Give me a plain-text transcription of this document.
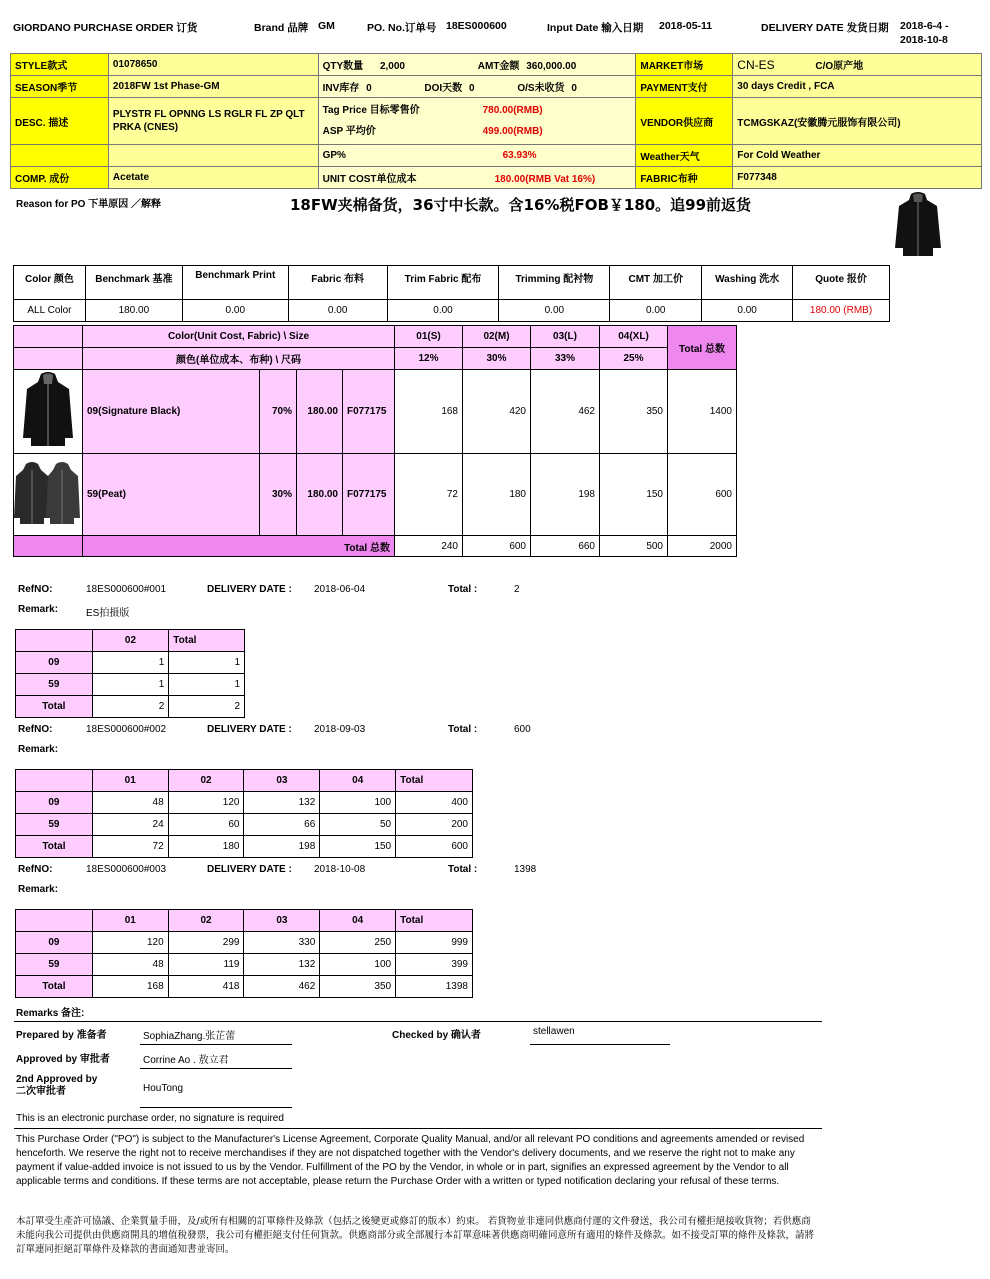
GIORDANO PURCHASE ORDER 订货	Brand 品牌 GM	PO. No.订单号 18ES000600	Input Date 输入日期 2018-05-11	DELIVERY DATE 发货日期 2018-6-4 -
2018-10-8
STYLE款式	01078650	QTY数量 2,000 AMT金额 360,000.00	MARKET市场	CN-ES C/O原产地
SEASON季节	2018FW 1st Phase-GM	INV库存 0 DOI天数 0 O/S未收货 0	PAYMENT支付	30 days Credit , FCA
DESC. 描述	PLYSTR FL OPNNG LS RGLR FL ZP QLT PRKA (CNES)	Tag Price 目标零售价 780.00(RMB)
ASP 平均价 499.00(RMB)	VENDOR供应商	TCMGSKAZ(安徽腾元服饰有限公司)
		GP% 63.93%	Weather天气	For Cold Weather
COMP. 成份	Acetate	UNIT COST单位成本 180.00(RMB Vat 16%)	FABRIC布种	F077348
Reason for PO 下単原因 ／解释	18FW夹棉备货，36寸中长款。含16%税FOB￥180。追99前返货
Color 颜色	Benchmark 基准	Benchmark Print	Fabric 布料	Trim Fabric 配布	Trimming 配衬物	CMT 加工价	Washing 洗水	Quote 报价
ALL Color	180.00	0.00	0.00	0.00	0.00	0.00	0.00	180.00 (RMB)
	Color(Unit Cost, Fabric) \ Size				01(S)	02(M)	03(L)	04(XL)	Total 总数
	颜色(单位成本、布种) \ 尺码				12%	30%	33%	25%	
	09(Signature Black)	70%	180.00	F077175	168	420	462	350	1400
	59(Peat)	30%	180.00	F077175	72	180	198	150	600
	Total 总数				240	600	660	500	2000
RefNO:	18ES000600#001	DELIVERY DATE : 2018-06-04	Total :	2
Remark:	ES拍摄版
	02	Total
09	1	1
59	1	1
Total	2	2
RefNO:	18ES000600#002	DELIVERY DATE : 2018-09-03	Total :	600
Remark:
	01	02	03	04	Total
09	48	120	132	100	400
59	24	60	66	50	200
Total	72	180	198	150	600
RefNO:	18ES000600#003	DELIVERY DATE : 2018-10-08	Total :	1398
Remark:
	01	02	03	04	Total
09	120	299	330	250	999
59	48	119	132	100	399
Total	168	418	462	350	1398
Remarks 备注:
Prepared by 准备者	SophiaZhang.张芷蕾	Checked by 确认者	stellawen
Approved by 审批者	Corrine Ao . 敖立君
2nd Approved by
二次审批者	HouTong
This is an electronic purchase order, no signature is required
This Purchase Order ("PO") is subject to the Manufacturer's License Agreement, Corporate Quality Manual, and/or all relevant PO conditions and agreements amended or revised henceforth. We reserve the right not to receive merchandises if they are not dispatched together with the Vendor's delivery documents, and we reserve the right not to make any payment if value-added invoice is not issued to us by the Vendor. Fulfillment of the PO by the Vendor, in whole or in part, signifies an expressed agreement by the Vendor to all applicable terms and conditions. If these terms are not acceptable, please return the Purchase Order with a written or typed notification declaring your refusal of these terms.
本訂單受生產許可協議、企業質量手冊，及/或所有相關的訂單條件及條款（包括之後變更或修訂的版本）約束。 若貨物並非連同供應商付運的文件發送，我公司有權拒絕接收貨物；若供應商未能向我公司提供由供應商開具的增值稅發票，我公司有權拒絕支付任何貨款。供應商部分或全部履行本訂單意味著供應商明確同意所有適用的條件及條款。如不接受訂單的條件及條款，請將訂單連同拒絕訂單條件及條款的書面通知書並寄回。
